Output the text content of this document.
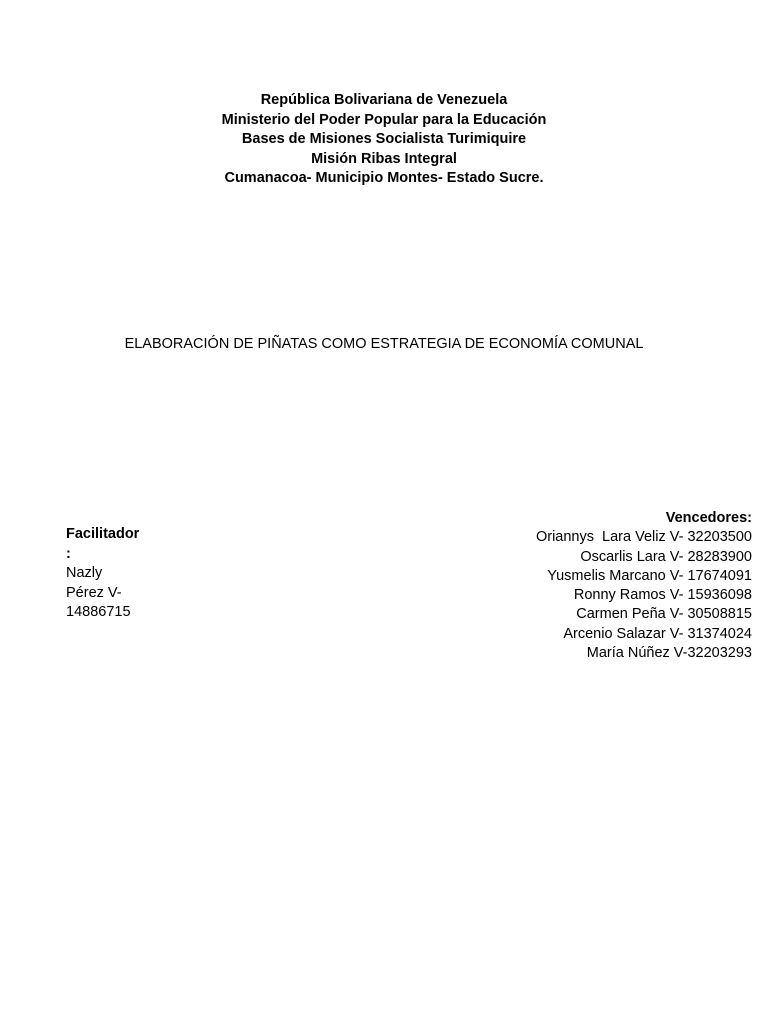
República Bolivariana de Venezuela
Ministerio del Poder Popular para la Educación
Bases de Misiones Socialista Turimiquire
Misión Ribas Integral
Cumanacoa- Municipio Montes- Estado Sucre.
ELABORACIÓN DE PIÑATAS COMO ESTRATEGIA DE ECONOMÍA COMUNAL
Facilitador:
Nazly Pérez V-14886715
Vencedores:
Oriannys  Lara Veliz V- 32203500
Oscarlis Lara V- 28283900
Yusmelis Marcano V- 17674091
Ronny Ramos V- 15936098
Carmen Peña V- 30508815
Arcenio Salazar V- 31374024
María Núñez V-32203293
